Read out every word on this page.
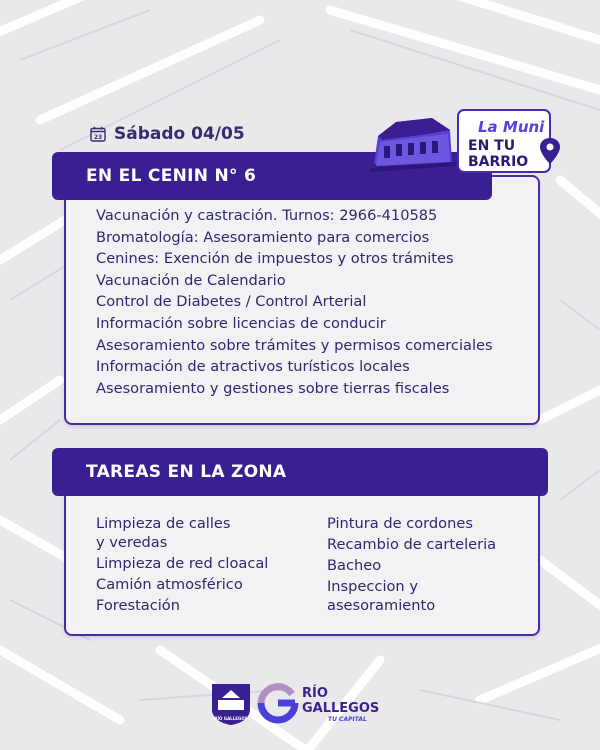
23 Sábado 04/05
EN EL CENIN N° 6
Vacunación y castración. Turnos: 2966-410585
Bromatología: Asesoramiento para comercios
Cenines: Exención de impuestos y otros trámites
Vacunación de Calendario
Control de Diabetes / Control Arterial
Información sobre licencias de conducir
Asesoramiento sobre trámites y permisos comerciales
Información de atractivos turísticos locales
Asesoramiento y gestiones sobre tierras fiscales
La Muni
EN TU
BARRIO
TAREAS EN LA ZONA
Limpieza de calles
y veredas
Limpieza de red cloacal
Camión atmosférico
Forestación
Pintura de cordones
Recambio de carteleria
Bacheo
Inspeccion y
asesoramiento
RÍO GALLEGOS
RÍO
GALLEGOS
TU CAPITAL
